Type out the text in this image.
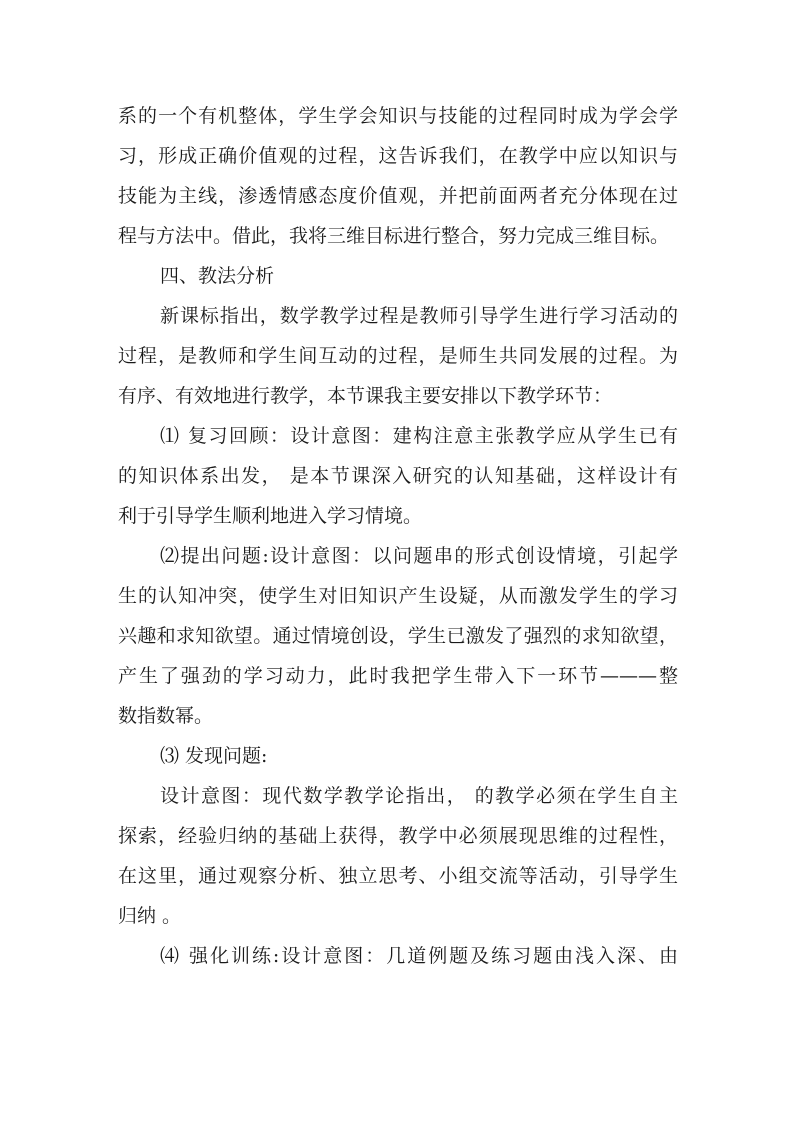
系的一个有机整体，学生学会知识与技能的过程同时成为学会学
习，形成正确价值观的过程，这告诉我们，在教学中应以知识与
技能为主线，渗透情感态度价值观，并把前面两者充分体现在过
程与方法中。借此，我将三维目标进行整合，努力完成三维目标。
四、教法分析
新课标指出，数学教学过程是教师引导学生进行学习活动的
过程，是教师和学生间互动的过程，是师生共同发展的过程。为
有序、有效地进行教学，本节课我主要安排以下教学环节：
⑴ 复习回顾：设计意图：建构注意主张教学应从学生已有
的知识体系出发， 是本节课深入研究的认知基础，这样设计有
利于引导学生顺利地进入学习情境。
⑵提出问题:设计意图：以问题串的形式创设情境，引起学
生的认知冲突，使学生对旧知识产生设疑，从而激发学生的学习
兴趣和求知欲望。通过情境创设，学生已激发了强烈的求知欲望，
产生了强劲的学习动力，此时我把学生带入下一环节———整
数指数幂。
⑶ 发现问题:
设计意图：现代数学教学论指出， 的教学必须在学生自主
探索，经验归纳的基础上获得，教学中必须展现思维的过程性，
在这里，通过观察分析、独立思考、小组交流等活动，引导学生
归纳 。
⑷ 强化训练:设计意图：几道例题及练习题由浅入深、由
